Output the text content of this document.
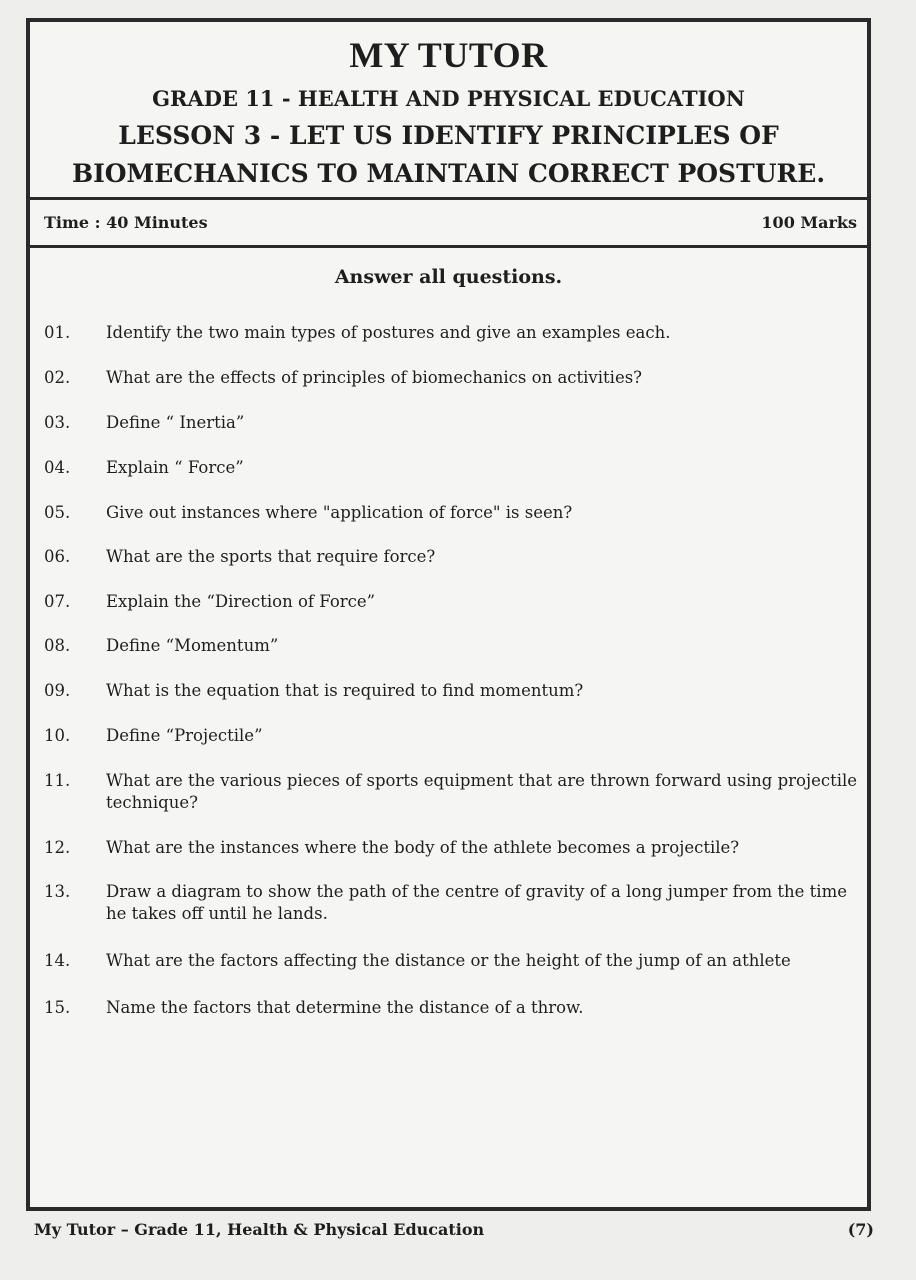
MY TUTOR
GRADE 11 - HEALTH AND PHYSICAL EDUCATION
LESSON 3 - LET US IDENTIFY PRINCIPLES OF
BIOMECHANICS TO MAINTAIN CORRECT POSTURE.
Time : 40 Minutes	100 Marks
Answer all questions.
01.	Identify the two main types of postures and give an examples each.
02.	What are the effects of principles of biomechanics on activities?
03.	Define “ Inertia”
04.	Explain “ Force”
05.	Give out instances where "application of force" is seen?
06.	What are the sports that require force?
07.	Explain the “Direction of Force”
08.	Define “Momentum”
09.	What is the equation that is required to find momentum?
10.	Define “Projectile”
11.	What are the various pieces of sports equipment that are thrown forward using projectile technique?
12.	What are the instances where the body of the athlete becomes a projectile?
13.	Draw a diagram to show the path of the centre of gravity of a long jumper from the time he takes off until he lands.
14.	What are the factors affecting the distance or the height of the jump of an athlete
15.	Name the factors that determine the distance of a throw.
My Tutor – Grade 11, Health & Physical Education	(7)
